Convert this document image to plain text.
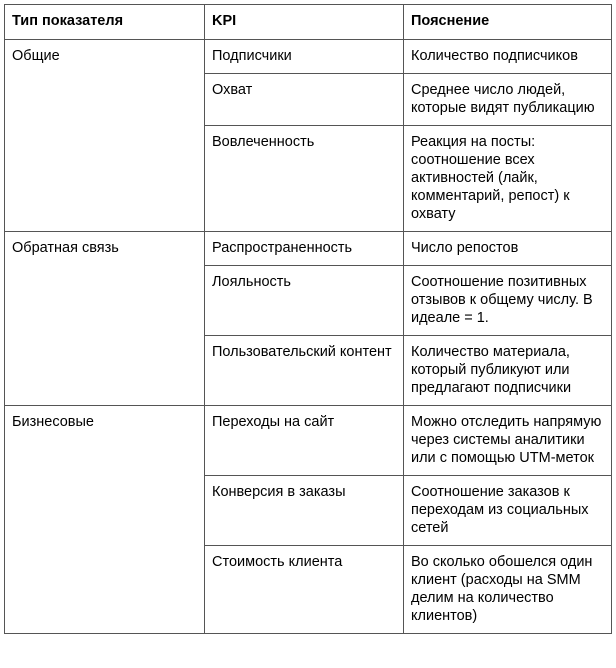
Тип показателя	KPI	Пояснение
Общие	Подписчики	Количество подписчиков
	Охват	Среднее число людей, которые видят публикацию
	Вовлеченность	Реакция на посты: соотношение всех активностей (лайк, комментарий, репост) к охвату
Обратная связь	Распространенность	Число репостов
	Лояльность	Соотношение позитивных отзывов к общему числу. В идеале = 1.
	Пользовательский контент	Количество материала, который публикуют или предлагают подписчики
Бизнесовые	Переходы на сайт	Можно отследить напрямую через системы аналитики или с помощью UTM-меток
	Конверсия в заказы	Соотношение заказов к переходам из социальных сетей
	Стоимость клиента	Во сколько обошелся один клиент (расходы на SMM делим на количество клиентов)
